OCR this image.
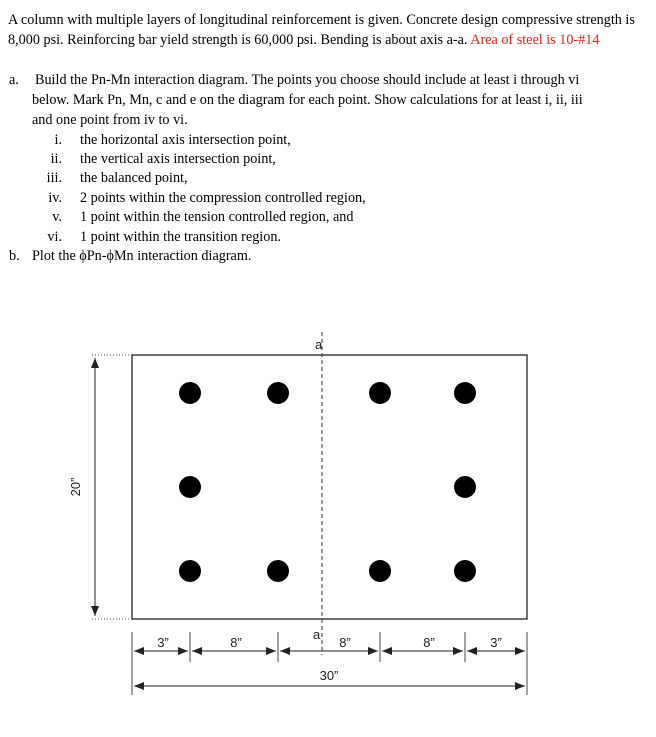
A column with multiple layers of longitudinal reinforcement is given. Concrete design compressive strength is 8,000 psi. Reinforcing bar yield strength is 60,000 psi. Bending is about axis a-a. Area of steel is 10-#14
a. Build the Pn-Mn interaction diagram. The points you choose should include at least i through vi
below. Mark Pn, Mn, c and e on the diagram for each point. Show calculations for at least i, ii, iii
and one point from iv to vi.
i. the horizontal axis intersection point,
ii. the vertical axis intersection point,
iii. the balanced point,
iv. 2 points within the compression controlled region,
v. 1 point within the tension controlled region, and
vi. 1 point within the transition region.
b. Plot the ϕPn-ϕMn interaction diagram.
a
a
20”
3”	8”	8”	8”	3”
30”
